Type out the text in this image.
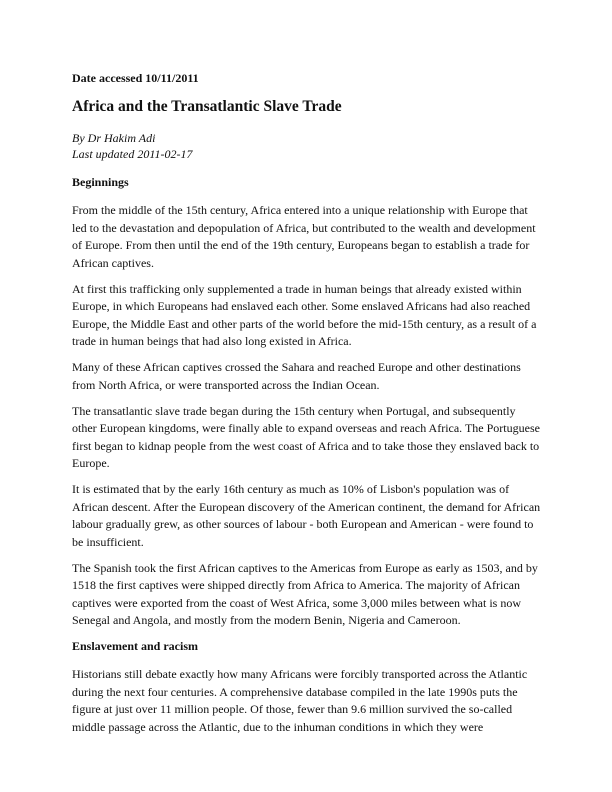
Date accessed 10/11/2011

Africa and the Transatlantic Slave Trade

By Dr Hakim Adi

Last updated 2011-02-17

Beginnings

From the middle of the 15th century, Africa entered into a unique relationship with Europe that led to the devastation and depopulation of Africa, but contributed to the wealth and development of Europe. From then until the end of the 19th century, Europeans began to establish a trade for African captives.

At first this trafficking only supplemented a trade in human beings that already existed within Europe, in which Europeans had enslaved each other. Some enslaved Africans had also reached Europe, the Middle East and other parts of the world before the mid-15th century, as a result of a trade in human beings that had also long existed in Africa.

Many of these African captives crossed the Sahara and reached Europe and other destinations from North Africa, or were transported across the Indian Ocean.

The transatlantic slave trade began during the 15th century when Portugal, and subsequently other European kingdoms, were finally able to expand overseas and reach Africa. The Portuguese first began to kidnap people from the west coast of Africa and to take those they enslaved back to Europe.

It is estimated that by the early 16th century as much as 10% of Lisbon's population was of African descent. After the European discovery of the American continent, the demand for African labour gradually grew, as other sources of labour - both European and American - were found to be insufficient.

The Spanish took the first African captives to the Americas from Europe as early as 1503, and by 1518 the first captives were shipped directly from Africa to America. The majority of African captives were exported from the coast of West Africa, some 3,000 miles between what is now Senegal and Angola, and mostly from the modern Benin, Nigeria and Cameroon.

Enslavement and racism

Historians still debate exactly how many Africans were forcibly transported across the Atlantic during the next four centuries. A comprehensive database compiled in the late 1990s puts the figure at just over 11 million people. Of those, fewer than 9.6 million survived the so-called middle passage across the Atlantic, due to the inhuman conditions in which they were
